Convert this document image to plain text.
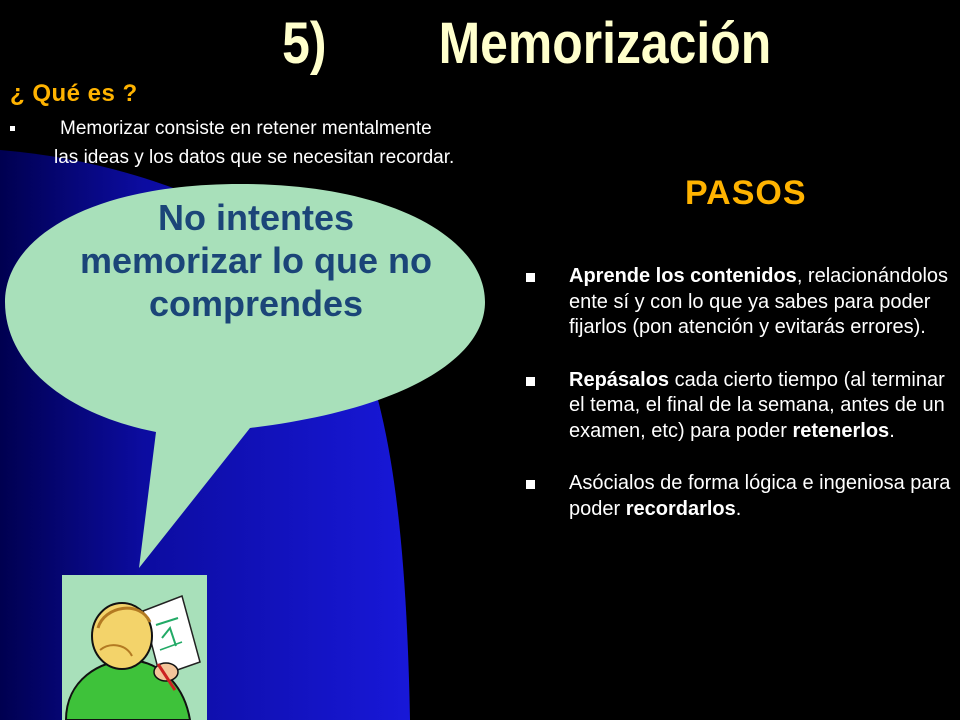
5) Memorización
¿ Qué es ?
Memorizar consiste en retener mentalmente
las ideas y los datos que se necesitan recordar.
PASOS
No intentes memorizar lo que no comprendes
Aprende los contenidos, relacionándolos ente sí y con lo que ya sabes para poder fijarlos (pon atención y evitarás errores).
Repásalos cada cierto tiempo (al terminar el tema, el final de la semana, antes de un examen, etc) para poder retenerlos.
Asócialos de forma lógica e ingeniosa para poder recordarlos.
